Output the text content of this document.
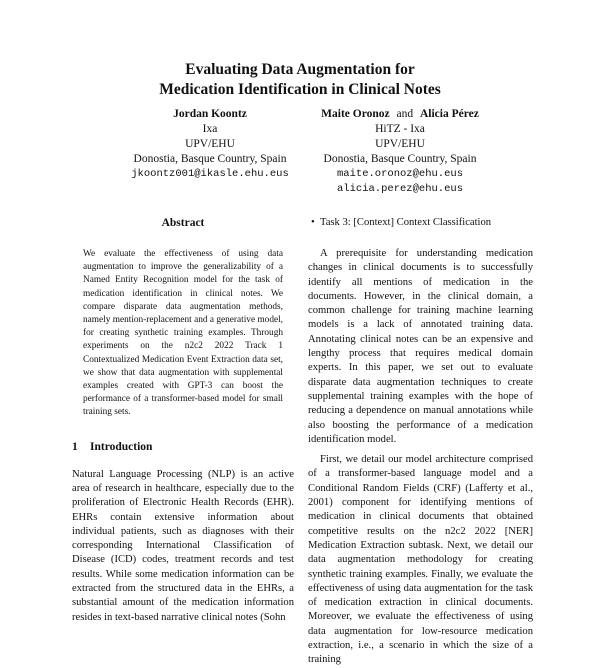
Evaluating Data Augmentation for
Medication Identification in Clinical Notes
Jordan Koontz
Ixa
UPV/EHU
Donostia, Basque Country, Spain
jkoontz001@ikasle.ehu.eus
Maite Oronoz and Alicia Pérez
HiTZ - Ixa
UPV/EHU
Donostia, Basque Country, Spain
maite.oronoz@ehu.eus
alicia.perez@ehu.eus
Abstract

We evaluate the effectiveness of using data augmentation to improve the generalizability of a Named Entity Recognition model for the task of medication identification in clinical notes. We compare disparate data augmentation methods, namely mention-replacement and a generative model, for creating synthetic training examples. Through experiments on the n2c2 2022 Track 1 Contextualized Medication Event Extraction data set, we show that data augmentation with supplemental examples created with GPT-3 can boost the performance of a transformer-based model for small training sets.

1 Introduction

Natural Language Processing (NLP) is an active area of research in healthcare, especially due to the proliferation of Electronic Health Records (EHR). EHRs contain extensive information about individual patients, such as diagnoses with their corresponding International Classification of Disease (ICD) codes, treatment records and test results. While some medication information can be extracted from the structured data in the EHRs, a substantial amount of the medication information resides in text-based narrative clinical notes (Sohn

• Task 3: [Context] Context Classification

A prerequisite for understanding medication changes in clinical documents is to successfully identify all mentions of medication in the documents. However, in the clinical domain, a common challenge for training machine learning models is a lack of annotated training data. Annotating clinical notes can be an expensive and lengthy process that requires medical domain experts. In this paper, we set out to evaluate disparate data augmentation techniques to create supplemental training examples with the hope of reducing a dependence on manual annotations while also boosting the performance of a medication identification model.

First, we detail our model architecture comprised of a transformer-based language model and a Conditional Random Fields (CRF) (Lafferty et al., 2001) component for identifying mentions of medication in clinical documents that obtained competitive results on the n2c2 2022 [NER] Medication Extraction subtask. Next, we detail our data augmentation methodology for creating synthetic training examples. Finally, we evaluate the effectiveness of using data augmentation for the task of medication extraction in clinical documents. Moreover, we evaluate the effectiveness of using data augmentation for low-resource medication extraction, i.e., a scenario in which the size of a training
